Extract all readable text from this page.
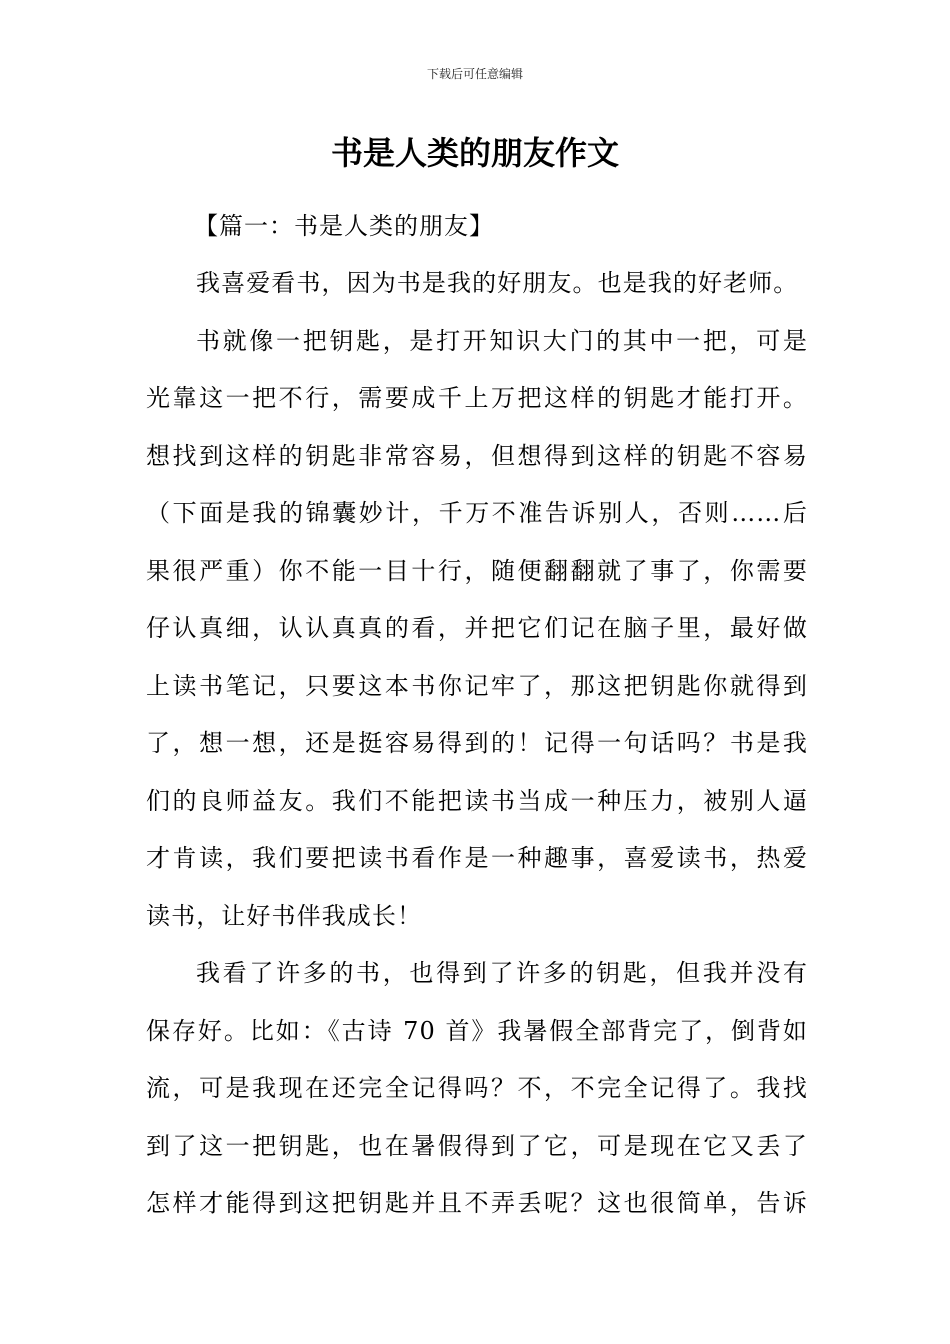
下载后可任意编辑
书是人类的朋友作文

【篇一：书是人类的朋友】

我喜爱看书，因为书是我的好朋友。也是我的好老师。

书就像一把钥匙，是打开知识大门的其中一把，可是
光靠这一把不行，需要成千上万把这样的钥匙才能打开。
想找到这样的钥匙非常容易，但想得到这样的钥匙不容易
（下面是我的锦囊妙计，千万不准告诉别人，否则……后
果很严重）你不能一目十行，随便翻翻就了事了，你需要
仔认真细，认认真真的看，并把它们记在脑子里，最好做
上读书笔记，只要这本书你记牢了，那这把钥匙你就得到
了，想一想，还是挺容易得到的！记得一句话吗？书是我
们的良师益友。我们不能把读书当成一种压力，被别人逼
才肯读，我们要把读书看作是一种趣事，喜爱读书，热爱
读书，让好书伴我成长！

我看了许多的书，也得到了许多的钥匙，但我并没有
保存好。比如：《古诗 70 首》我暑假全部背完了，倒背如
流，可是我现在还完全记得吗？不，不完全记得了。我找
到了这一把钥匙，也在暑假得到了它，可是现在它又丢了
怎样才能得到这把钥匙并且不弄丢呢？这也很简单，告诉
